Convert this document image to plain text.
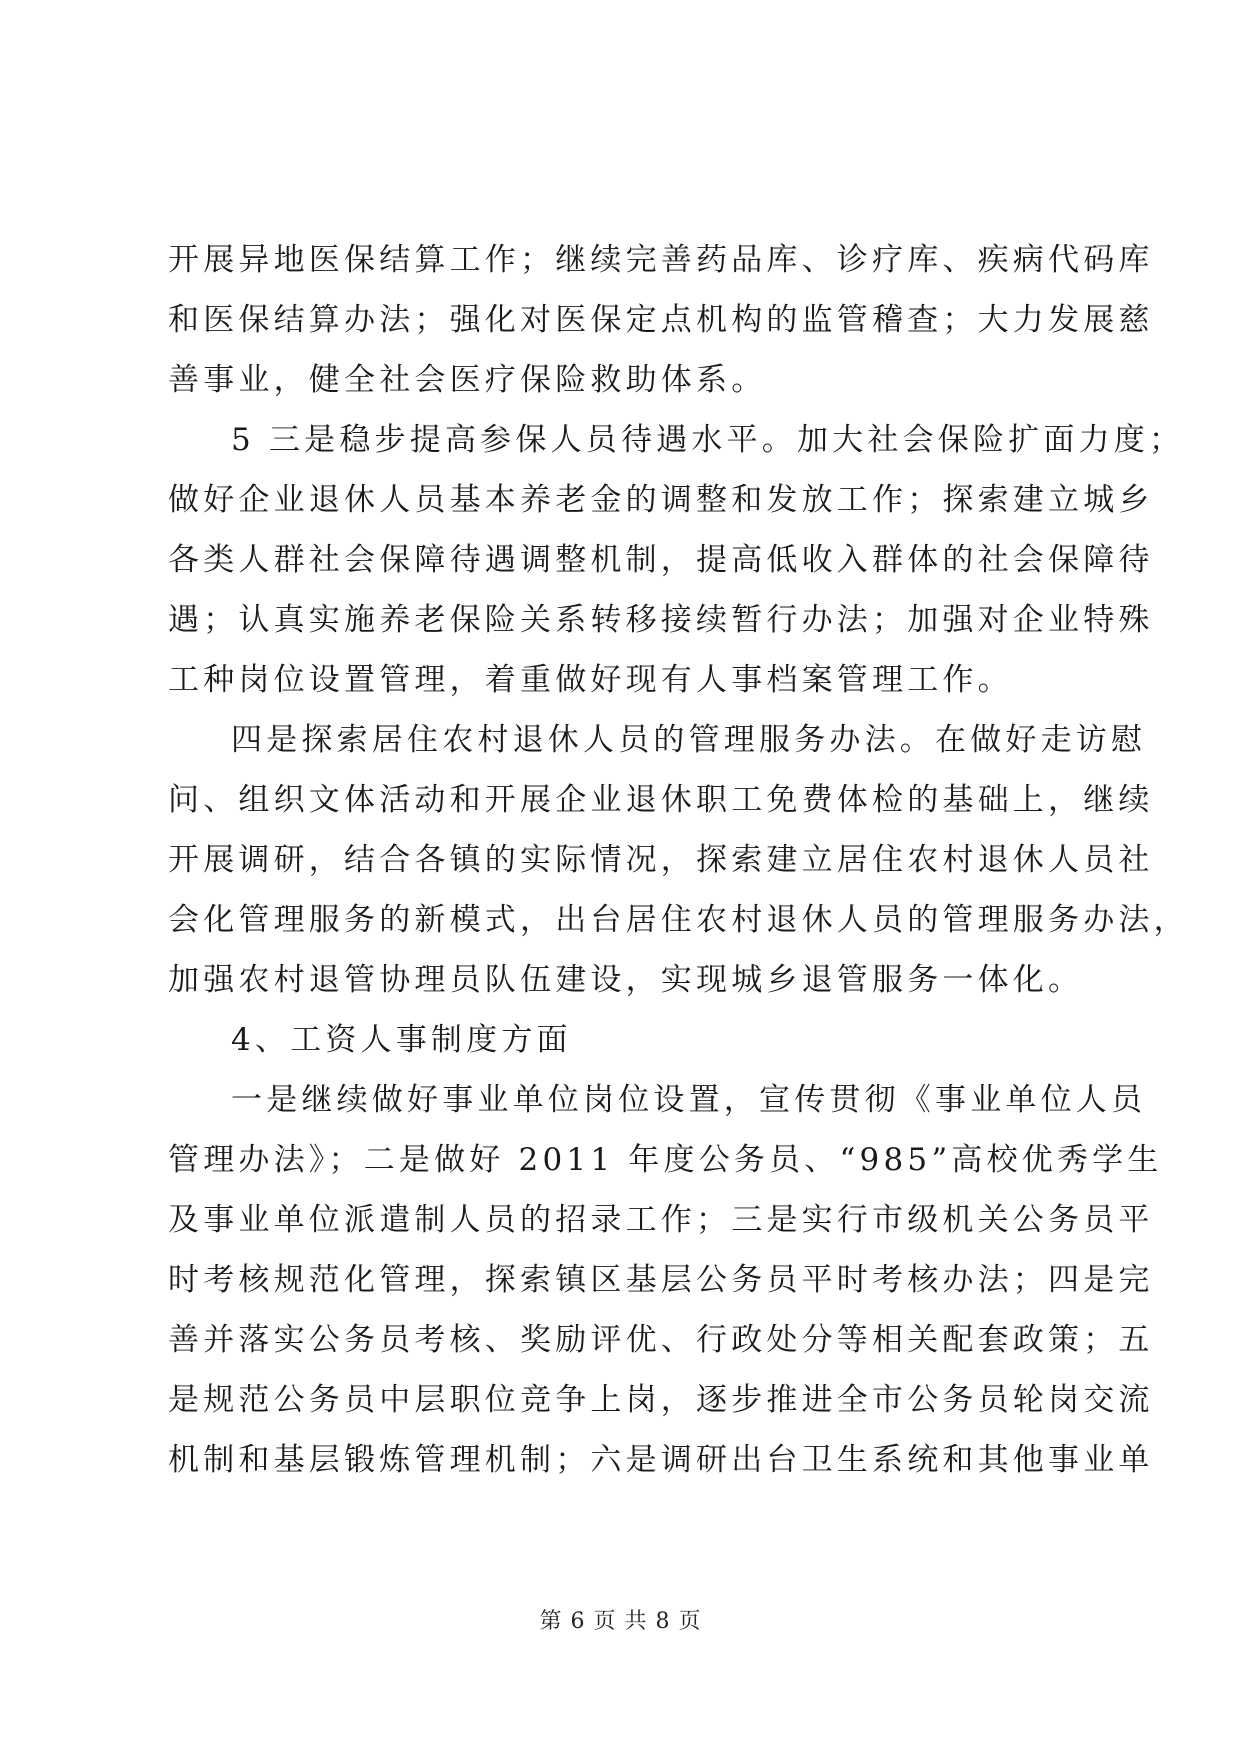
开展异地医保结算工作；继续完善药品库、诊疗库、疾病代码库
和医保结算办法；强化对医保定点机构的监管稽查；大力发展慈
善事业，健全社会医疗保险救助体系。
5 三是稳步提高参保人员待遇水平。加大社会保险扩面力度；
做好企业退休人员基本养老金的调整和发放工作；探索建立城乡
各类人群社会保障待遇调整机制，提高低收入群体的社会保障待
遇；认真实施养老保险关系转移接续暂行办法；加强对企业特殊
工种岗位设置管理，着重做好现有人事档案管理工作。
四是探索居住农村退休人员的管理服务办法。在做好走访慰
问、组织文体活动和开展企业退休职工免费体检的基础上，继续
开展调研，结合各镇的实际情况，探索建立居住农村退休人员社
会化管理服务的新模式，出台居住农村退休人员的管理服务办法，
加强农村退管协理员队伍建设，实现城乡退管服务一体化。
4、工资人事制度方面
一是继续做好事业单位岗位设置，宣传贯彻《事业单位人员
管理办法》；二是做好 2011 年度公务员、“985”高校优秀学生
及事业单位派遣制人员的招录工作；三是实行市级机关公务员平
时考核规范化管理，探索镇区基层公务员平时考核办法；四是完
善并落实公务员考核、奖励评优、行政处分等相关配套政策；五
是规范公务员中层职位竞争上岗，逐步推进全市公务员轮岗交流
机制和基层锻炼管理机制；六是调研出台卫生系统和其他事业单
第 6 页 共 8 页
